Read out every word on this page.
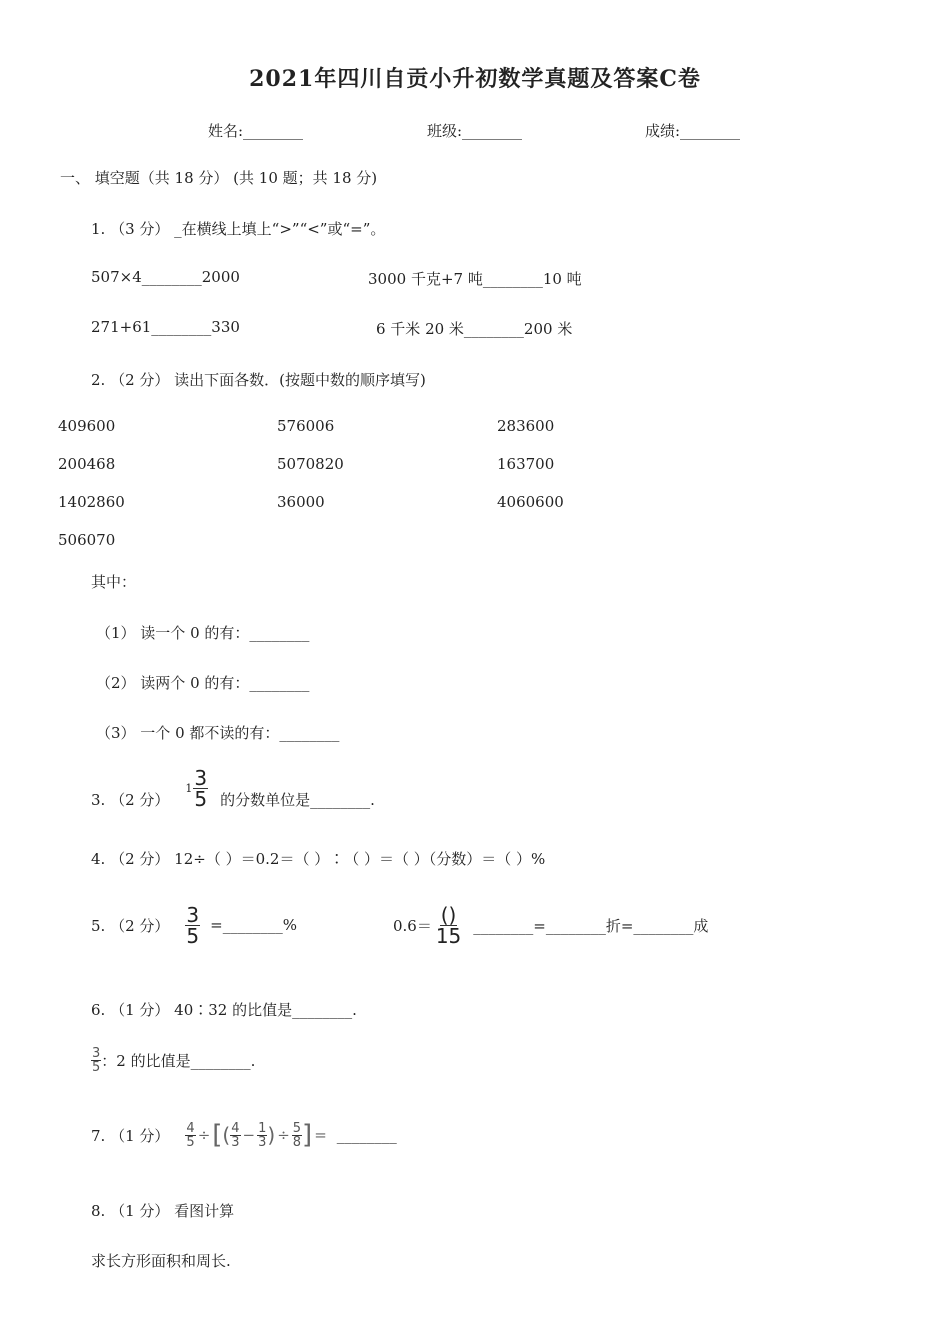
2021年四川自贡小升初数学真题及答案C卷
姓名:________	班级:________	成绩:________
一、 填空题（共 18 分） (共 10 题；共 18 分)
1. （3 分） _在横线上填上“>”“<”或“=”。
507×4________2000	3000 千克+7 吨________10 吨
271+61________330	6 千米 20 米________200 米
2. （2 分） 读出下面各数．(按题中数的顺序填写)
409600	576006	283600
200468	5070820	163700
1402860	36000	4060600
506070
其中：
（1） 读一个 0 的有：________
（2） 读两个 0 的有：________
（3） 一个 0 都不读的有：________
3. （2 分）
$1 \frac{3}{5}$ 的分数单位是________.
4. （2 分） 12÷（ ）＝0.2＝（ ）∶（ ）＝（ ）（分数）＝（ ）%
5. （2 分） $\frac{3}{5}$ =________%	$0.6= \frac{()}{15}$ ________=________折=________成
6. （1 分） 40∶32 的比值是________.
$\frac{3}{5}$ ：2 的比值是________.
7. （1 分） $\frac{4}{5}$ ÷ [ ( $\frac{4}{3} - \frac{1}{3}$ ) ÷ $\frac{5}{8}$ ] = ________
8. （1 分） 看图计算
求长方形面积和周长.
